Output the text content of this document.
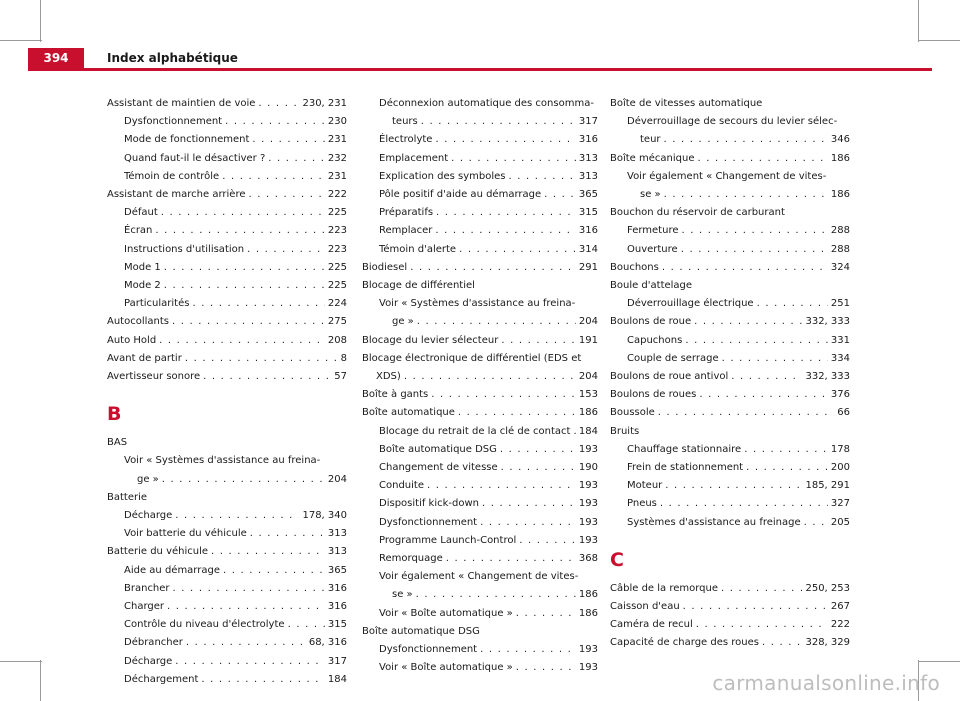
394	Index alphabétique
Assistant de maintien de voie . . .	230, 231
Dysfonctionnement . . .	230
Mode de fonctionnement . . .	231
Quand faut-il le désactiver ? . . .	232
Témoin de contrôle . . .	231
Assistant de marche arrière . . .	222
Défaut . . .	225
Écran . . .	223
Instructions d'utilisation . . .	223
Mode 1 . . .	225
Mode 2 . . .	225
Particularités . . .	224
Autocollants . . .	275
Auto Hold . . .	208
Avant de partir . . .	8
Avertisseur sonore . . .	57
B
BAS
Voir « Systèmes d'assistance au freina-
ge » . . .	204
Batterie
Décharge . . .	178, 340
Voir batterie du véhicule . . .	313
Batterie du véhicule . . .	313
Aide au démarrage . . .	365
Brancher . . .	316
Charger . . .	316
Contrôle du niveau d'électrolyte . . .	315
Débrancher . . .	68, 316
Décharge . . .	317
Déchargement . . .	184
Déconnexion automatique des consomma-
teurs . . .	317
Électrolyte . . .	316
Emplacement . . .	313
Explication des symboles . . .	313
Pôle positif d'aide au démarrage . . .	365
Préparatifs . . .	315
Remplacer . . .	316
Témoin d'alerte . . .	314
Biodiesel . . .	291
Blocage de différentiel
Voir « Systèmes d'assistance au freina-
ge » . . .	204
Blocage du levier sélecteur . . .	191
Blocage électronique de différentiel (EDS et
XDS) . . .	204
Boîte à gants . . .	153
Boîte automatique . . .	186
Blocage du retrait de la clé de contact . . . 184
Boîte automatique DSG . . .	193
Changement de vitesse . . .	190
Conduite . . .	193
Dispositif kick-down . . .	193
Dysfonctionnement . . .	193
Programme Launch-Control . . .	193
Remorquage . . .	368
Voir également « Changement de vites-
se » . . .	186
Voir « Boîte automatique » . . .	186
Boîte automatique DSG
Dysfonctionnement . . .	193
Voir « Boîte automatique » . . .	193
Boîte de vitesses automatique
Déverrouillage de secours du levier sélec-
teur . . .	346
Boîte mécanique . . .	186
Voir également « Changement de vites-
se » . . .	186
Bouchon du réservoir de carburant
Fermeture . . .	288
Ouverture . . .	288
Bouchons . . .	324
Boule d'attelage
Déverrouillage électrique . . .	251
Boulons de roue . . .	332, 333
Capuchons . . .	331
Couple de serrage . . .	334
Boulons de roue antivol . . .	332, 333
Boulons de roues . . .	376
Boussole . . .	66
Bruits
Chauffage stationnaire . . .	178
Frein de stationnement . . .	200
Moteur . . .	185, 291
Pneus . . .	327
Systèmes d'assistance au freinage . . .	205
C
Câble de la remorque . . .	250, 253
Caisson d'eau . . .	267
Caméra de recul . . .	222
Capacité de charge des roues . . .	328, 329
carmanualsonline.info
